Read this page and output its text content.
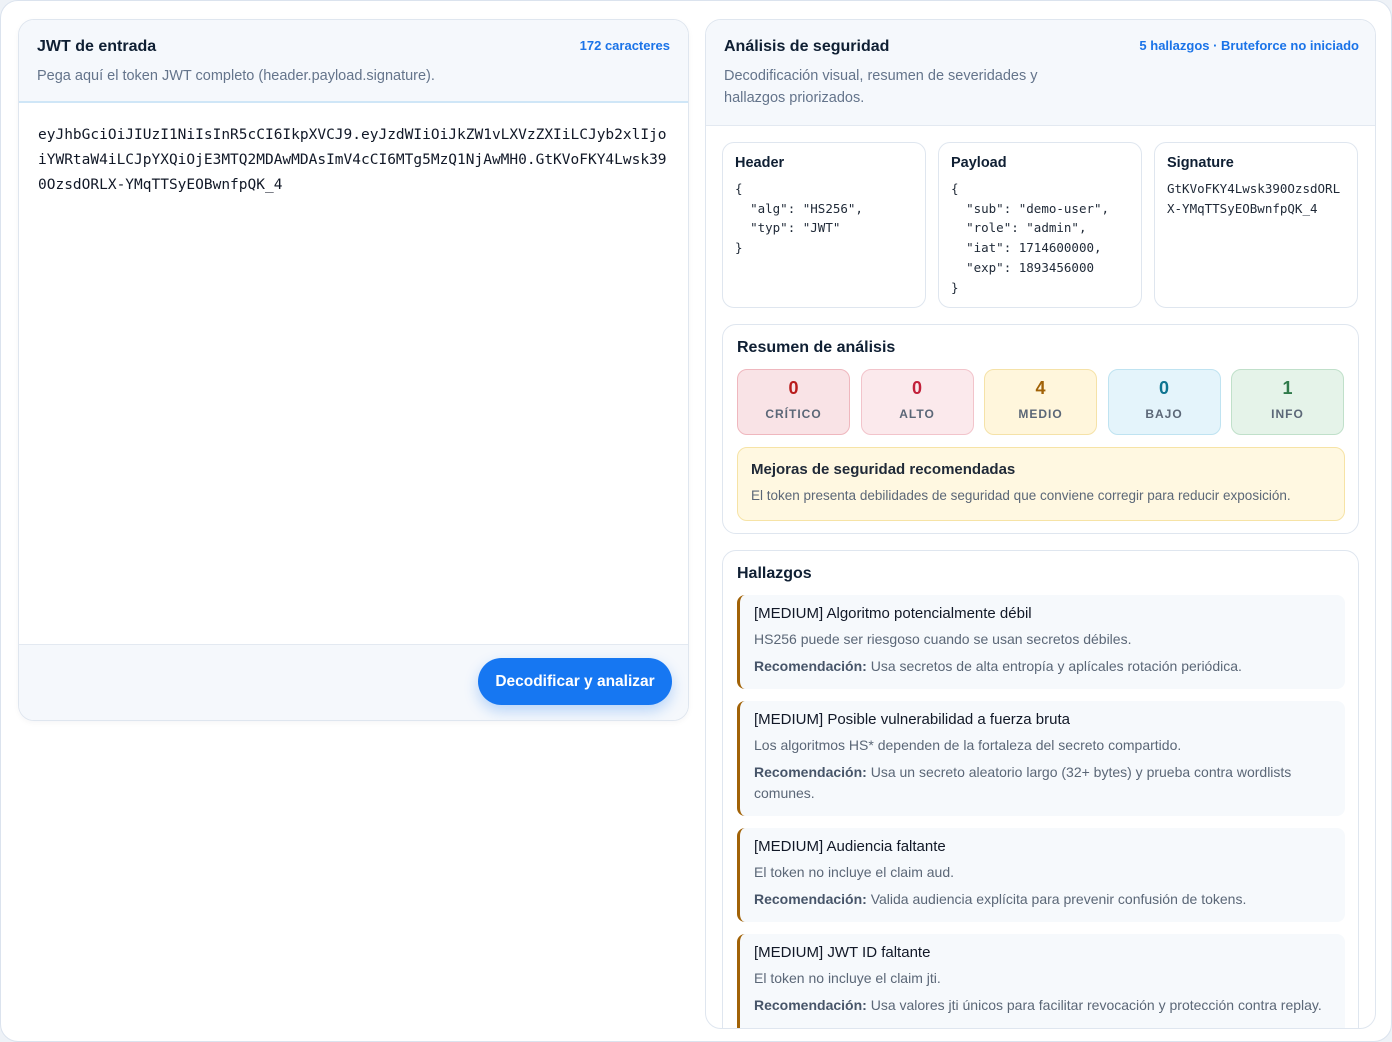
JWT de entrada
Pega aquí el token JWT completo (header.payload.signature).
172 caracteres
eyJhbGciOiJIUzI1NiIsInR5cCI6IkpXVCJ9.eyJzdWIiOiJkZW1vLXVzZXIiLCJyb2xlIjoiYWRtaW4iLCJpYXQiOjE3MTQ2MDAwMDAsImV4cCI6MTg5MzQ1NjAwMH0.GtKVoFKY4Lwsk390OzsdORLX-YMqTTSyEOBwnfpQK_4
Decodificar y analizar
Análisis de seguridad
Decodificación visual, resumen de severidades y hallazgos priorizados.
5 hallazgos · Bruteforce no iniciado
Header
{
"alg": "HS256",
"typ": "JWT"
}
Payload
{
"sub": "demo-user",
"role": "admin",
"iat": 1714600000,
"exp": 1893456000
}
Signature
GtKVoFKY4Lwsk390OzsdORLX-YMqTTSyEOBwnfpQK_4
Resumen de análisis
0
CRÍTICO
0
ALTO
4
MEDIO
0
BAJO
1
INFO
Mejoras de seguridad recomendadas
El token presenta debilidades de seguridad que conviene corregir para reducir exposición.
Hallazgos
[MEDIUM] Algoritmo potencialmente débil
HS256 puede ser riesgoso cuando se usan secretos débiles.
Recomendación: Usa secretos de alta entropía y aplícales rotación periódica.
[MEDIUM] Posible vulnerabilidad a fuerza bruta
Los algoritmos HS* dependen de la fortaleza del secreto compartido.
Recomendación: Usa un secreto aleatorio largo (32+ bytes) y prueba contra wordlists comunes.
[MEDIUM] Audiencia faltante
El token no incluye el claim aud.
Recomendación: Valida audiencia explícita para prevenir confusión de tokens.
[MEDIUM] JWT ID faltante
El token no incluye el claim jti.
Recomendación: Usa valores jti únicos para facilitar revocación y protección contra replay.
